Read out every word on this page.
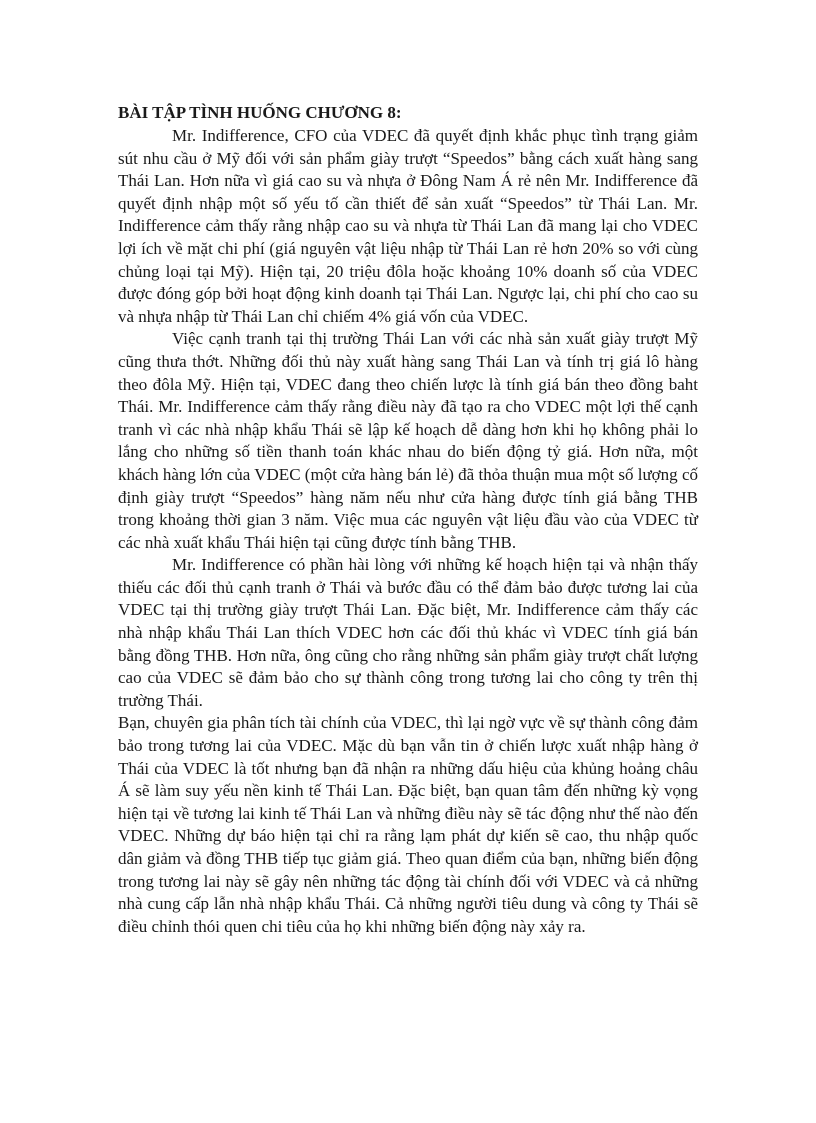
BÀI TẬP TÌNH HUỐNG CHƯƠNG 8:

Mr. Indifference, CFO của VDEC đã quyết định khắc phục tình trạng giảm sút nhu cầu ở Mỹ đối với sản phẩm giày trượt “Speedos” bằng cách xuất hàng sang Thái Lan. Hơn nữa vì giá cao su và nhựa ở Đông Nam Á rẻ nên Mr. Indifference đã quyết định nhập một số yếu tố cần thiết để sản xuất “Speedos” từ Thái Lan. Mr. Indifference cảm thấy rằng nhập cao su và nhựa từ Thái Lan đã mang lại cho VDEC lợi ích về mặt chi phí (giá nguyên vật liệu nhập từ Thái Lan rẻ hơn 20% so với cùng chủng loại tại Mỹ). Hiện tại, 20 triệu đôla hoặc khoảng 10% doanh số của VDEC được đóng góp bởi hoạt động kinh doanh tại Thái Lan. Ngược lại, chi phí cho cao su và nhựa nhập từ Thái Lan chỉ chiếm 4% giá vốn của VDEC.

Việc cạnh tranh tại thị trường Thái Lan với các nhà sản xuất giày trượt Mỹ cũng thưa thớt. Những đối thủ này xuất hàng sang Thái Lan và tính trị giá lô hàng theo đôla Mỹ. Hiện tại, VDEC đang theo chiến lược là tính giá bán theo đồng baht Thái. Mr. Indifference cảm thấy rằng điều này đã tạo ra cho VDEC một lợi thế cạnh tranh vì các nhà nhập khẩu Thái sẽ lập kế hoạch dễ dàng hơn khi họ không phải lo lắng cho những số tiền thanh toán khác nhau do biến động tỷ giá. Hơn nữa, một khách hàng lớn của VDEC (một cửa hàng bán lẻ) đã thỏa thuận mua một số lượng cố định giày trượt “Speedos” hàng năm nếu như cửa hàng được tính giá bằng THB trong khoảng thời gian 3 năm. Việc mua các nguyên vật liệu đầu vào của VDEC từ các nhà xuất khẩu Thái hiện tại cũng được tính bằng THB.

Mr. Indifference có phần hài lòng với những kế hoạch hiện tại và nhận thấy thiếu các đối thủ cạnh tranh ở Thái và bước đầu có thể đảm bảo được tương lai của VDEC tại thị trường giày trượt Thái Lan. Đặc biệt, Mr. Indifference cảm thấy các nhà nhập khẩu Thái Lan thích VDEC hơn các đối thủ khác vì VDEC tính giá bán bằng đồng THB. Hơn nữa, ông cũng cho rằng những sản phẩm giày trượt chất lượng cao của VDEC sẽ đảm bảo cho sự thành công trong tương lai cho công ty trên thị trường Thái.

Bạn, chuyên gia phân tích tài chính của VDEC, thì lại ngờ vực về sự thành công đảm bảo trong tương lai của VDEC. Mặc dù bạn vẫn tin ở chiến lược xuất nhập hàng ở Thái của VDEC là tốt nhưng bạn đã nhận ra những dấu hiệu của khủng hoảng châu Á sẽ làm suy yếu nền kinh tế Thái Lan. Đặc biệt, bạn quan tâm đến những kỳ vọng hiện tại về tương lai kinh tế Thái Lan và những điều này sẽ tác động như thế nào đến VDEC. Những dự báo hiện tại chỉ ra rằng lạm phát dự kiến sẽ cao, thu nhập quốc dân giảm và đồng THB tiếp tục giảm giá. Theo quan điểm của bạn, những biến động trong tương lai này sẽ gây nên những tác động tài chính đối với VDEC và cả những nhà cung cấp lẫn nhà nhập khẩu Thái. Cả những người tiêu dung và công ty Thái sẽ điều chỉnh thói quen chi tiêu của họ khi những biến động này xảy ra.
